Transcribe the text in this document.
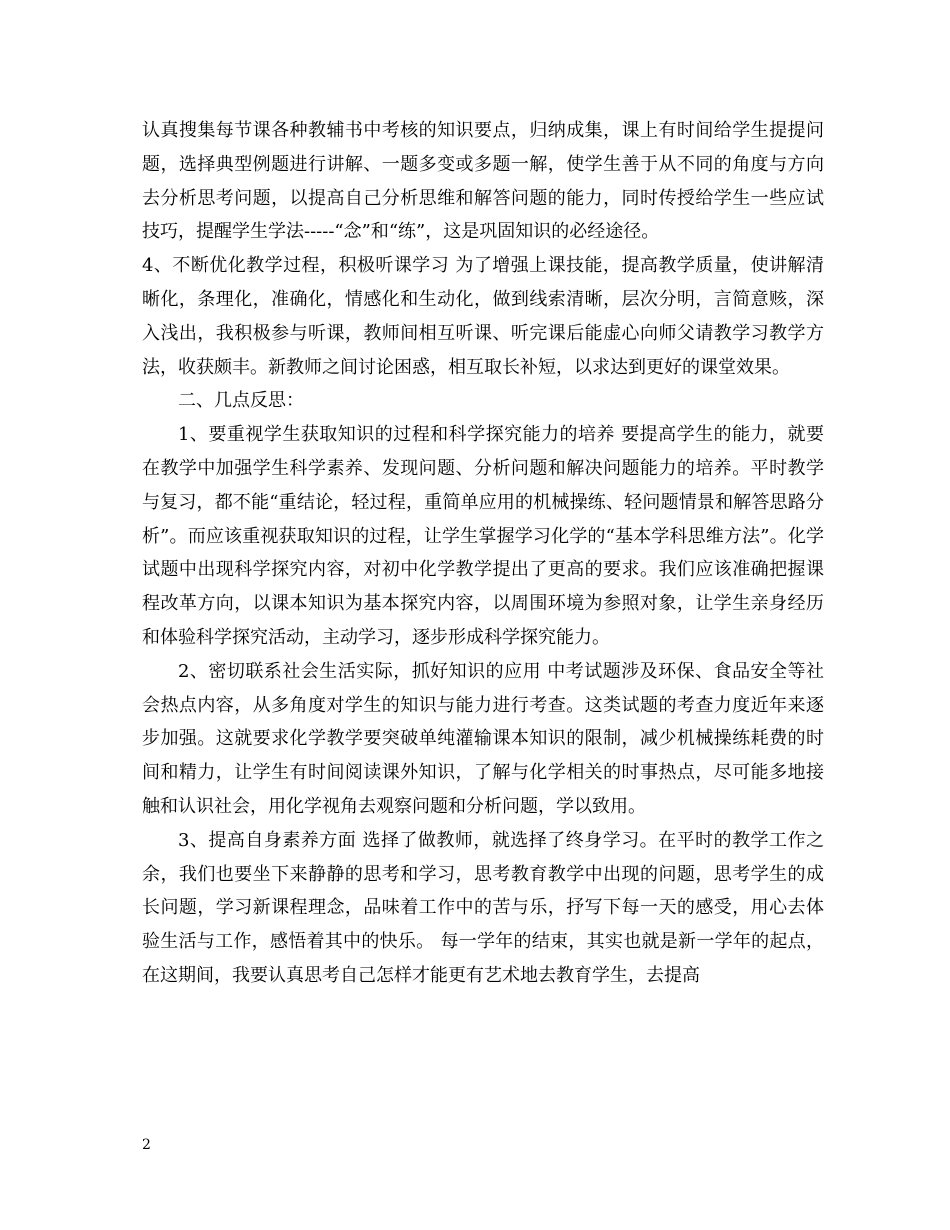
认真搜集每节课各种教辅书中考核的知识要点，归纳成集，课上有时间给学生提提问题，选择典型例题进行讲解、一题多变或多题一解，使学生善于从不同的角度与方向去分析思考问题，以提高自己分析思维和解答问题的能力，同时传授给学生一些应试技巧，提醒学生学法-----“念”和“练”，这是巩固知识的必经途径。

4、不断优化教学过程，积极听课学习 为了增强上课技能，提高教学质量，使讲解清晰化，条理化，准确化，情感化和生动化，做到线索清晰，层次分明，言简意赅，深入浅出，我积极参与听课，教师间相互听课、听完课后能虚心向师父请教学习教学方法，收获颇丰。新教师之间讨论困惑，相互取长补短，以求达到更好的课堂效果。

二、几点反思：

1、要重视学生获取知识的过程和科学探究能力的培养 要提高学生的能力，就要在教学中加强学生科学素养、发现问题、分析问题和解决问题能力的培养。平时教学与复习，都不能“重结论，轻过程，重简单应用的机械操练、轻问题情景和解答思路分析”。而应该重视获取知识的过程，让学生掌握学习化学的“基本学科思维方法”。化学试题中出现科学探究内容，对初中化学教学提出了更高的要求。我们应该准确把握课程改革方向，以课本知识为基本探究内容，以周围环境为参照对象，让学生亲身经历和体验科学探究活动，主动学习，逐步形成科学探究能力。

2、密切联系社会生活实际，抓好知识的应用 中考试题涉及环保、食品安全等社会热点内容，从多角度对学生的知识与能力进行考查。这类试题的考查力度近年来逐步加强。这就要求化学教学要突破单纯灌输课本知识的限制，减少机械操练耗费的时间和精力，让学生有时间阅读课外知识，了解与化学相关的时事热点，尽可能多地接触和认识社会，用化学视角去观察问题和分析问题，学以致用。

3、提高自身素养方面 选择了做教师，就选择了终身学习。在平时的教学工作之余，我们也要坐下来静静的思考和学习，思考教育教学中出现的问题，思考学生的成长问题，学习新课程理念，品味着工作中的苦与乐，抒写下每一天的感受，用心去体验生活与工作，感悟着其中的快乐。 每一学年的结束，其实也就是新一学年的起点，在这期间，我要认真思考自己怎样才能更有艺术地去教育学生，去提高

2
